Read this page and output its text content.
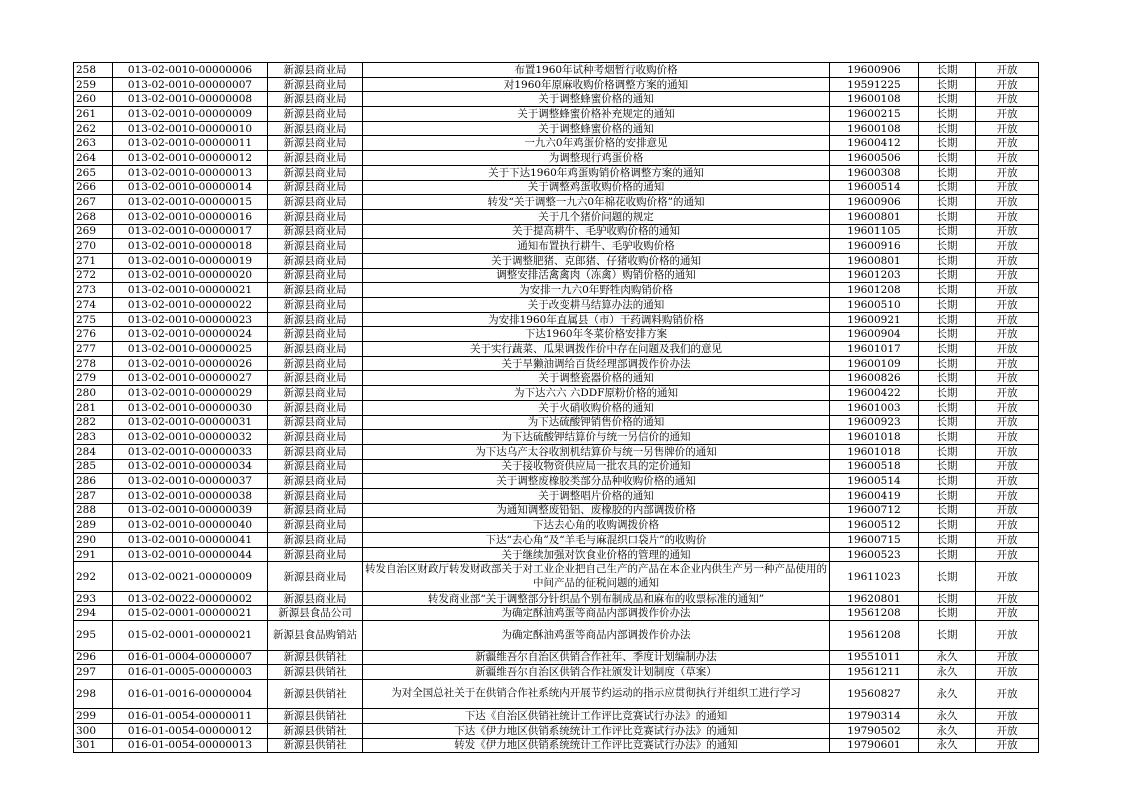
258	013-02-0010-00000006	新源县商业局	布置1960年试种考烟暂行收购价格	19600906	长期	开放
259	013-02-0010-00000007	新源县商业局	对1960年原麻收购价格调整方案的通知	19591225	长期	开放
260	013-02-0010-00000008	新源县商业局	关于调整蜂蜜价格的通知	19600108	长期	开放
261	013-02-0010-00000009	新源县商业局	关于调整蜂蜜价格补充规定的通知	19600215	长期	开放
262	013-02-0010-00000010	新源县商业局	关于调整蜂蜜价格的通知	19600108	长期	开放
263	013-02-0010-00000011	新源县商业局	一九六0年鸡蛋价格的安排意见	19600412	长期	开放
264	013-02-0010-00000012	新源县商业局	为调整现行鸡蛋价格	19600506	长期	开放
265	013-02-0010-00000013	新源县商业局	关于下达1960年鸡蛋购销价格调整方案的通知	19600308	长期	开放
266	013-02-0010-00000014	新源县商业局	关于调整鸡蛋收购价格的通知	19600514	长期	开放
267	013-02-0010-00000015	新源县商业局	转发“关于调整一九六0年棉花收购价格”的通知	19600906	长期	开放
268	013-02-0010-00000016	新源县商业局	关于几个猪价问题的规定	19600801	长期	开放
269	013-02-0010-00000017	新源县商业局	关于提高耕牛、毛驴收购价格的通知	19601105	长期	开放
270	013-02-0010-00000018	新源县商业局	通知布置执行耕牛、毛驴收购价格	19600916	长期	开放
271	013-02-0010-00000019	新源县商业局	关于调整肥猪、克郎猪、仔猪收购价格的通知	19600801	长期	开放
272	013-02-0010-00000020	新源县商业局	调整安排活禽禽肉（冻禽）购销价格的通知	19601203	长期	开放
273	013-02-0010-00000021	新源县商业局	为安排一九六0年野牲肉购销价格	19601208	长期	开放
274	013-02-0010-00000022	新源县商业局	关于改变耕马结算办法的通知	19600510	长期	开放
275	013-02-0010-00000023	新源县商业局	为安排1960年直属县（市）干药调料购销价格	19600921	长期	开放
276	013-02-0010-00000024	新源县商业局	下达1960年冬菜价格安排方案	19600904	长期	开放
277	013-02-0010-00000025	新源县商业局	关于实行蔬菜、瓜果调拨作价中存在问题及我们的意见	19601017	长期	开放
278	013-02-0010-00000026	新源县商业局	关于旱獭油调给百货经理部调拨作价办法	19600109	长期	开放
279	013-02-0010-00000027	新源县商业局	关于调整瓷器价格的通知	19600826	长期	开放
280	013-02-0010-00000029	新源县商业局	为下达六六 六DDF原粉价格的通知	19600422	长期	开放
281	013-02-0010-00000030	新源县商业局	关于火硝收购价格的通知	19601003	长期	开放
282	013-02-0010-00000031	新源县商业局	为下达硫酸钾销售价格的通知	19600923	长期	开放
283	013-02-0010-00000032	新源县商业局	为下达硫酸钾结算价与统一另信价的通知	19601018	长期	开放
284	013-02-0010-00000033	新源县商业局	为下达乌产太谷收割机结算价与统一另售牌价的通知	19601018	长期	开放
285	013-02-0010-00000034	新源县商业局	关于接收物资供应局一批农具的定价通知	19600518	长期	开放
286	013-02-0010-00000037	新源县商业局	关于调整废橡胶类部分品种收购价格的通知	19600514	长期	开放
287	013-02-0010-00000038	新源县商业局	关于调整唱片价格的通知	19600419	长期	开放
288	013-02-0010-00000039	新源县商业局	为通知调整废铅铝、废橡胶的内部调拨价格	19600712	长期	开放
289	013-02-0010-00000040	新源县商业局	下达去心角的收购调拨价格	19600512	长期	开放
290	013-02-0010-00000041	新源县商业局	下达“去心角”及“羊毛与麻混织口袋片”的收购价	19600715	长期	开放
291	013-02-0010-00000044	新源县商业局	关于继续加强对饮食业价格的管理的通知	19600523	长期	开放
292	013-02-0021-00000009	新源县商业局	转发自治区财政厅转发财政部关于对工业企业把自己生产的产品在本企业内供生产另一种产品使用的中间产品的征税问题的通知	19611023	长期	开放
293	013-02-0022-00000002	新源县商业局	转发商业部“关于调整部分针织品个别布制成品和麻布的收票标准的通知”	19620801	长期	开放
294	015-02-0001-00000021	新源县食品公司	为确定酥油鸡蛋等商品内部调拨作价办法	19561208	长期	开放
295	015-02-0001-00000021	新源县食品购销站	为确定酥油鸡蛋等商品内部调拨作价办法	19561208	长期	开放
296	016-01-0004-00000007	新源县供销社	新疆维吾尔自治区供销合作社年、季度计划编制办法	19551011	永久	开放
297	016-01-0005-00000003	新源县供销社	新疆维吾尔自治区供销合作社颁发计划制度（草案）	19561211	永久	开放
298	016-01-0016-00000004	新源县供销社	为对全国总社关于在供销合作社系统内开展节约运动的指示应贯彻执行并组织工进行学习	19560827	永久	开放
299	016-01-0054-00000011	新源县供销社	下达《自治区供销社统计工作评比竞赛试行办法》的通知	19790314	永久	开放
300	016-01-0054-00000012	新源县供销社	下达《伊力地区供销系统统计工作评比竞赛试行办法》的通知	19790502	永久	开放
301	016-01-0054-00000013	新源县供销社	转发《伊力地区供销系统统计工作评比竞赛试行办法》的通知	19790601	永久	开放
